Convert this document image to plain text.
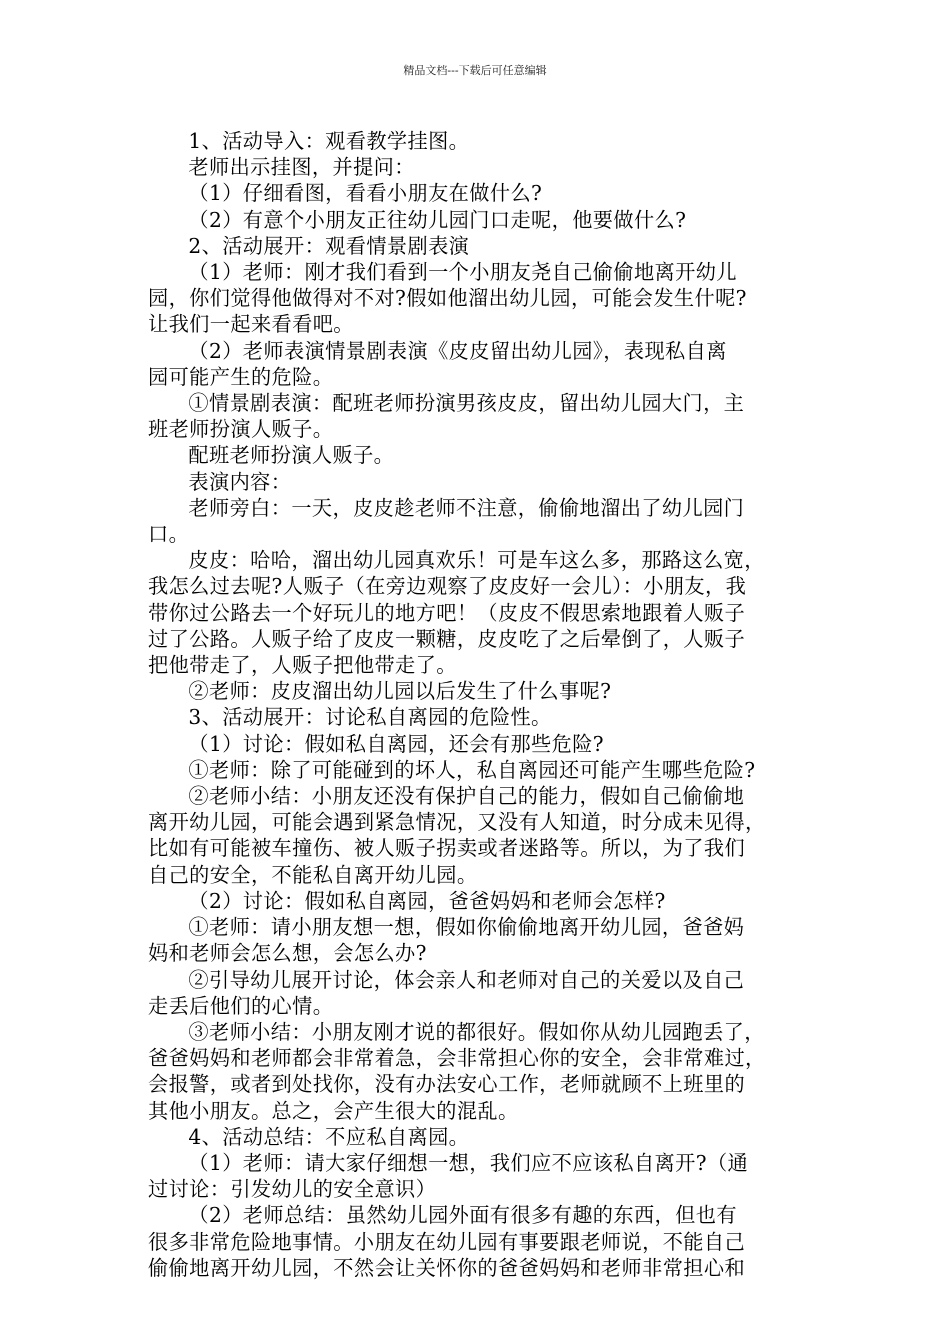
精品文档---下载后可任意编辑
1、活动导入：观看教学挂图。
老师出示挂图，并提问：
（1）仔细看图，看看小朋友在做什么?
（2）有意个小朋友正往幼儿园门口走呢，他要做什么?
2、活动展开：观看情景剧表演
（1）老师：刚才我们看到一个小朋友尧自己偷偷地离开幼儿
园，你们觉得他做得对不对?假如他溜出幼儿园，可能会发生什呢?
让我们一起来看看吧。
（2）老师表演情景剧表演《皮皮留出幼儿园》，表现私自离
园可能产生的危险。
①情景剧表演：配班老师扮演男孩皮皮，留出幼儿园大门，主
班老师扮演人贩子。
配班老师扮演人贩子。
表演内容：
老师旁白：一天，皮皮趁老师不注意，偷偷地溜出了幼儿园门
口。
皮皮：哈哈，溜出幼儿园真欢乐！可是车这么多，那路这么宽，
我怎么过去呢?人贩子（在旁边观察了皮皮好一会儿）：小朋友，我
带你过公路去一个好玩儿的地方吧！（皮皮不假思索地跟着人贩子
过了公路。人贩子给了皮皮一颗糖，皮皮吃了之后晕倒了，人贩子
把他带走了，人贩子把他带走了。
②老师：皮皮溜出幼儿园以后发生了什么事呢?
3、活动展开：讨论私自离园的危险性。
（1）讨论：假如私自离园，还会有那些危险?
①老师：除了可能碰到的坏人，私自离园还可能产生哪些危险?
②老师小结：小朋友还没有保护自己的能力，假如自己偷偷地
离开幼儿园，可能会遇到紧急情况，又没有人知道，时分成未见得，
比如有可能被车撞伤、被人贩子拐卖或者迷路等。所以，为了我们
自己的安全，不能私自离开幼儿园。
（2）讨论：假如私自离园，爸爸妈妈和老师会怎样?
①老师：请小朋友想一想，假如你偷偷地离开幼儿园，爸爸妈
妈和老师会怎么想，会怎么办?
②引导幼儿展开讨论，体会亲人和老师对自己的关爱以及自己
走丢后他们的心情。
③老师小结：小朋友刚才说的都很好。假如你从幼儿园跑丢了，
爸爸妈妈和老师都会非常着急，会非常担心你的安全，会非常难过，
会报警，或者到处找你，没有办法安心工作，老师就顾不上班里的
其他小朋友。总之，会产生很大的混乱。
4、活动总结：不应私自离园。
（1）老师：请大家仔细想一想，我们应不应该私自离开?（通
过讨论：引发幼儿的安全意识）
（2）老师总结：虽然幼儿园外面有很多有趣的东西，但也有
很多非常危险地事情。小朋友在幼儿园有事要跟老师说，不能自己
偷偷地离开幼儿园，不然会让关怀你的爸爸妈妈和老师非常担心和
